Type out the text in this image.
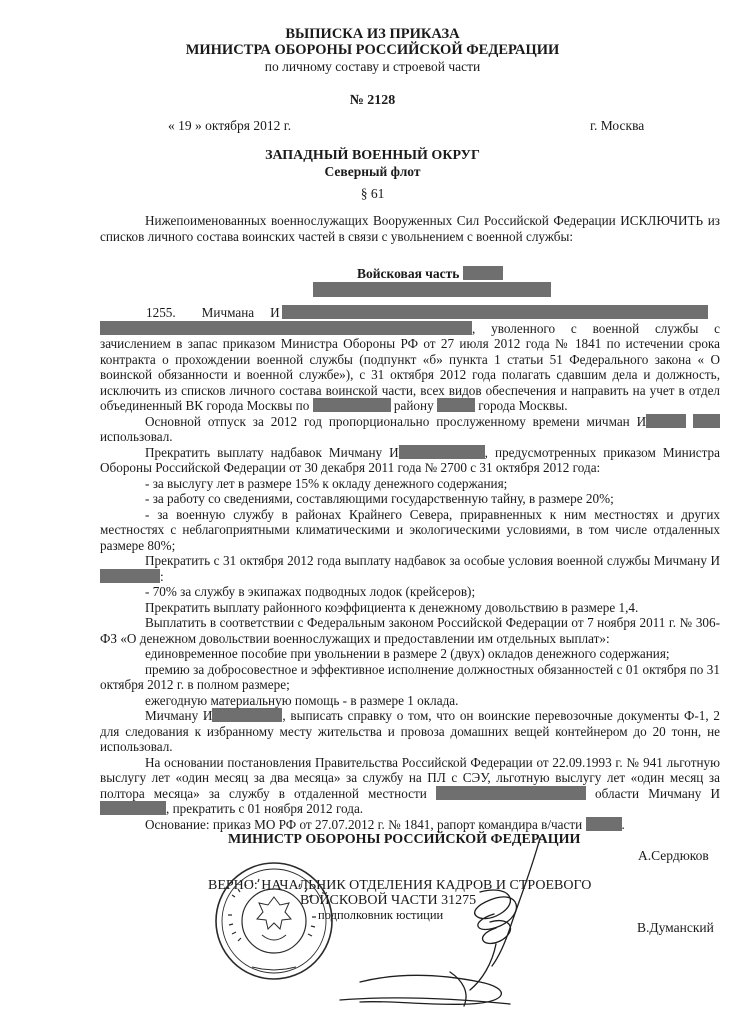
ВЫПИСКА ИЗ ПРИКАЗА
МИНИСТРА ОБОРОНЫ РОССИЙСКОЙ ФЕДЕРАЦИИ
по личному составу и строевой части
№ 2128
« 19 » октября 2012 г.	г. Москва
ЗАПАДНЫЙ ВОЕННЫЙ ОКРУГ
Северный флот
§ 61

Нижепоименованных военнослужащих Вооруженных Сил Российской Федерации ИСКЛЮЧИТЬ из списков личного состава воинских частей в связи с увольнением с военной службы:

Войсковая часть

1255. Мичмана И

, уволенного с военной службы с зачислением в запас приказом Министра Обороны РФ от 27 июля 2012 года № 1841 по истечении срока контракта о прохождении военной службы (подпункт «б» пункта 1 статьи 51 Федерального закона « О воинской обязанности и военной службе»), с 31 октября 2012 года полагать сдавшим дела и должность, исключить из списков личного состава воинской части, всех видов обеспечения и направить на учет в отдел объединенный ВК города Москвы по	району	города Москвы.

Основной отпуск за 2012 год пропорционально прослуженному времени мичман И использовал.

Прекратить выплату надбавок Мичману И	, предусмотренных приказом Министра Обороны Российской Федерации от 30 декабря 2011 года № 2700 с 31 октября 2012 года:

- за выслугу лет в размере 15% к окладу денежного содержания;

- за работу со сведениями, составляющими государственную тайну, в размере 20%;

- за военную службу в районах Крайнего Севера, приравненных к ним местностях и других местностях с неблагоприятными климатическими и экологическими условиями, в том числе отдаленных размере 80%;

Прекратить с 31 октября 2012 года выплату надбавок за особые условия военной службы Мичману И:

- 70% за службу в экипажах подводных лодок (крейсеров);

Прекратить выплату районного коэффициента к денежному довольствию в размере 1,4.

Выплатить в соответствии с Федеральным законом Российской Федерации от 7 ноября 2011 г. № 306-ФЗ «О денежном довольствии военнослужащих и предоставлении им отдельных выплат»:

единовременное пособие при увольнении в размере 2 (двух) окладов денежного содержания;

премию за добросовестное и эффективное исполнение должностных обязанностей с 01 октября по 31 октября 2012 г. в полном размере;

ежегодную материальную помощь - в размере 1 оклада.

Мичману И	, выписать справку о том, что он воинские перевозочные документы Ф-1, 2 для следования к избранному месту жительства и провоза домашних вещей контейнером до 20 тонн, не использовал.

На основании постановления Правительства Российской Федерации от 22.09.1993 г. № 941 льготную выслугу лет «один месяц за два месяца» за службу на ПЛ с СЭУ, льготную выслугу лет «один месяц за полтора месяца» за службу в отдаленной местности	области Мичману И, прекратить с 01 ноября 2012 года.

Основание: приказ МО РФ от 27.07.2012 г. № 1841, рапорт командира в/части	.

МИНИСТР ОБОРОНЫ РОССИЙСКОЙ ФЕДЕРАЦИИ
А.Сердюков
ВЕРНО: НАЧАЛЬНИК ОТДЕЛЕНИЯ КАДРОВ И СТРОЕВОГО
ВОЙСКОВОЙ ЧАСТИ 31275
подполковник юстиции
В.Думанский
